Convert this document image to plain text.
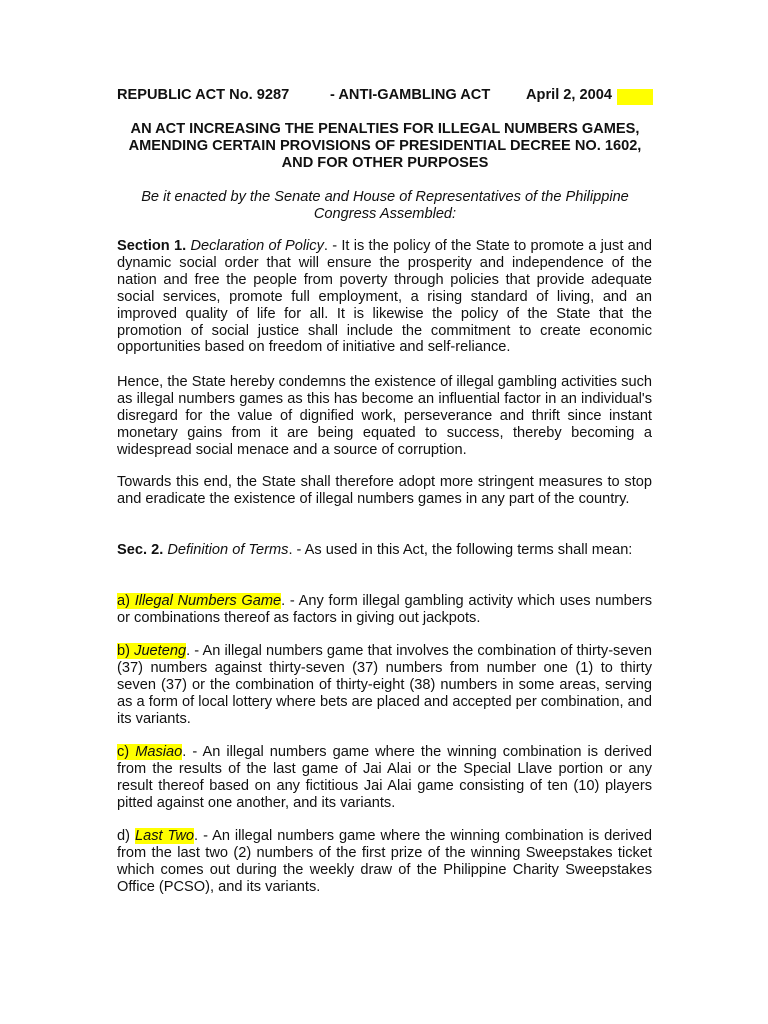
REPUBLIC ACT No. 9287	- ANTI-GAMBLING ACT April 2, 2004
AN ACT INCREASING THE PENALTIES FOR ILLEGAL NUMBERS GAMES, AMENDING CERTAIN PROVISIONS OF PRESIDENTIAL DECREE NO. 1602, AND FOR OTHER PURPOSES
Be it enacted by the Senate and House of Representatives of the Philippine Congress Assembled:
Section 1. Declaration of Policy. - It is the policy of the State to promote a just and dynamic social order that will ensure the prosperity and independence of the nation and free the people from poverty through policies that provide adequate social services, promote full employment, a rising standard of living, and an improved quality of life for all. It is likewise the policy of the State that the promotion of social justice shall include the commitment to create economic opportunities based on freedom of initiative and self-reliance.
Hence, the State hereby condemns the existence of illegal gambling activities such as illegal numbers games as this has become an influential factor in an individual's disregard for the value of dignified work, perseverance and thrift since instant monetary gains from it are being equated to success, thereby becoming a widespread social menace and a source of corruption.
Towards this end, the State shall therefore adopt more stringent measures to stop and eradicate the existence of illegal numbers games in any part of the country.
Sec. 2. Definition of Terms. - As used in this Act, the following terms shall mean:
a) Illegal Numbers Game. - Any form illegal gambling activity which uses numbers or combinations thereof as factors in giving out jackpots.
b) Jueteng. - An illegal numbers game that involves the combination of thirty-seven (37) numbers against thirty-seven (37) numbers from number one (1) to thirty seven (37) or the combination of thirty-eight (38) numbers in some areas, serving as a form of local lottery where bets are placed and accepted per combination, and its variants.
c) Masiao. - An illegal numbers game where the winning combination is derived from the results of the last game of Jai Alai or the Special Llave portion or any result thereof based on any fictitious Jai Alai game consisting of ten (10) players pitted against one another, and its variants.
d) Last Two. - An illegal numbers game where the winning combination is derived from the last two (2) numbers of the first prize of the winning Sweepstakes ticket which comes out during the weekly draw of the Philippine Charity Sweepstakes Office (PCSO), and its variants.
